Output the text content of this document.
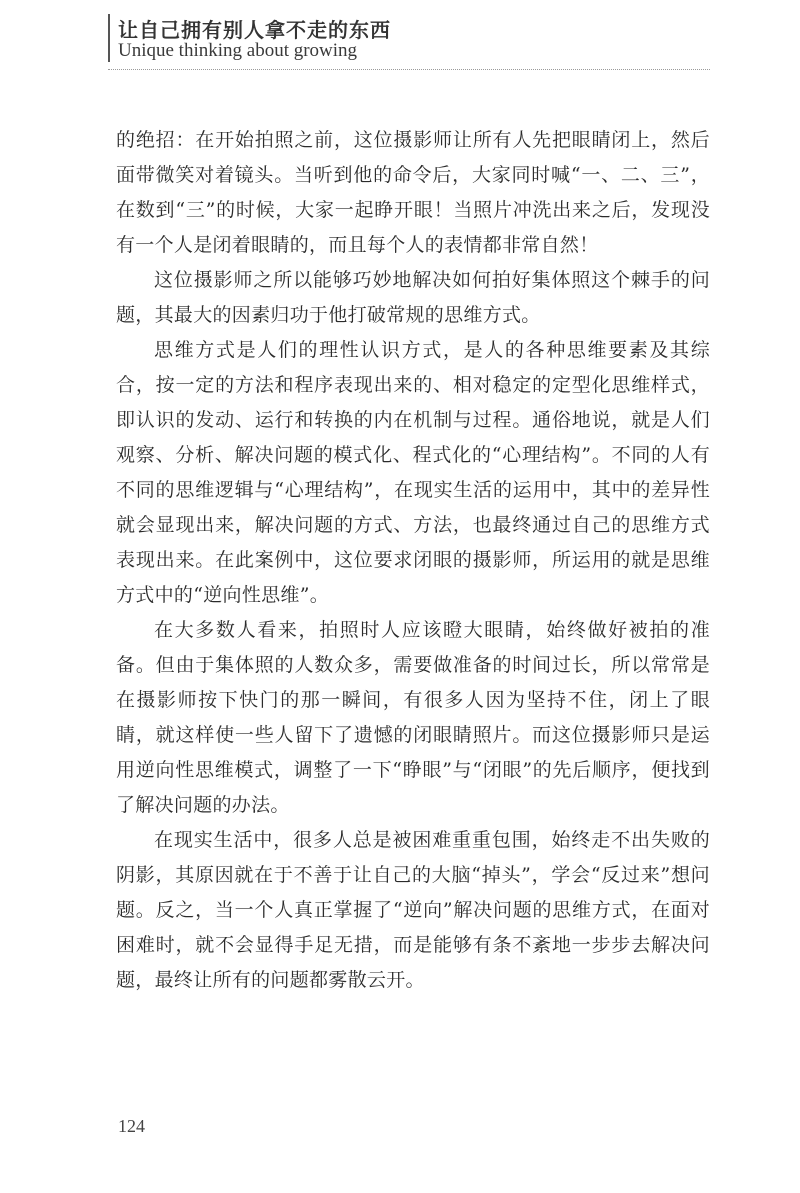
让自己拥有别人拿不走的东西
Unique thinking about growing

的绝招：在开始拍照之前，这位摄影师让所有人先把眼睛闭上，然后面带微笑对着镜头。当听到他的命令后，大家同时喊“一、二、三”，在数到“三”的时候，大家一起睁开眼！当照片冲洗出来之后，发现没有一个人是闭着眼睛的，而且每个人的表情都非常自然！

这位摄影师之所以能够巧妙地解决如何拍好集体照这个棘手的问题，其最大的因素归功于他打破常规的思维方式。

思维方式是人们的理性认识方式，是人的各种思维要素及其综合，按一定的方法和程序表现出来的、相对稳定的定型化思维样式，即认识的发动、运行和转换的内在机制与过程。通俗地说，就是人们观察、分析、解决问题的模式化、程式化的“心理结构”。不同的人有不同的思维逻辑与“心理结构”，在现实生活的运用中，其中的差异性就会显现出来，解决问题的方式、方法，也最终通过自己的思维方式表现出来。在此案例中，这位要求闭眼的摄影师，所运用的就是思维方式中的“逆向性思维”。

在大多数人看来，拍照时人应该瞪大眼睛，始终做好被拍的准备。但由于集体照的人数众多，需要做准备的时间过长，所以常常是在摄影师按下快门的那一瞬间，有很多人因为坚持不住，闭上了眼睛，就这样使一些人留下了遗憾的闭眼睛照片。而这位摄影师只是运用逆向性思维模式，调整了一下“睁眼”与“闭眼”的先后顺序，便找到了解决问题的办法。

在现实生活中，很多人总是被困难重重包围，始终走不出失败的阴影，其原因就在于不善于让自己的大脑“掉头”，学会“反过来”想问题。反之，当一个人真正掌握了“逆向”解决问题的思维方式，在面对困难时，就不会显得手足无措，而是能够有条不紊地一步步去解决问题，最终让所有的问题都雾散云开。

124
